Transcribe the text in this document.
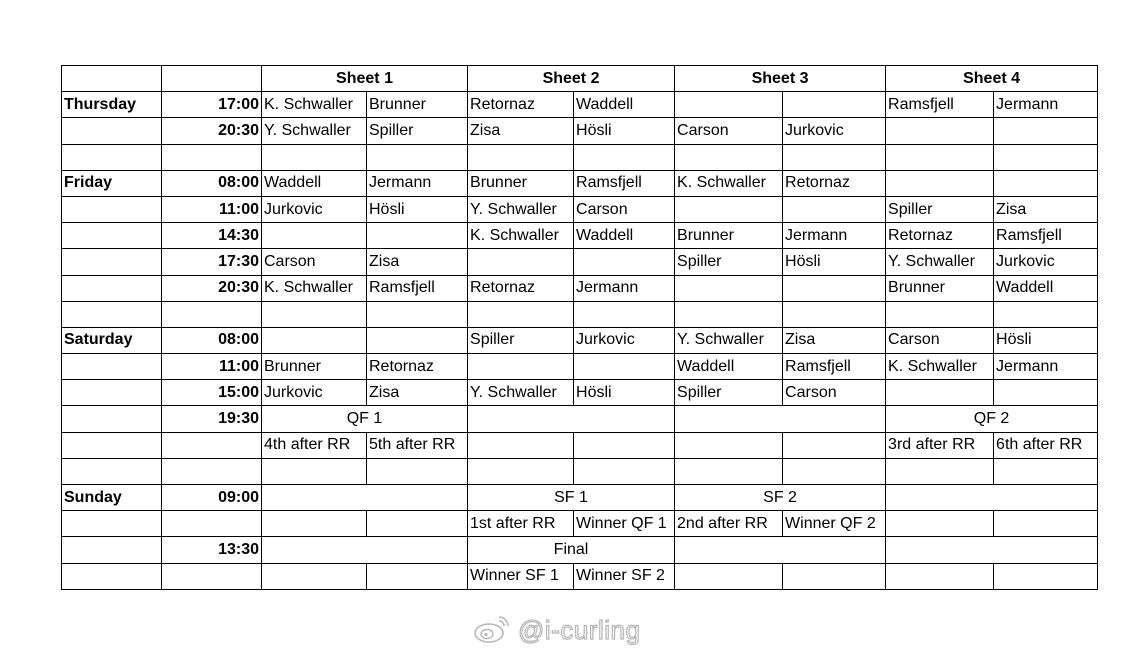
		Sheet 1		Sheet 2		Sheet 3		Sheet 4	
Thursday	17:00	K. Schwaller	Brunner	Retornaz	Waddell			Ramsfjell	Jermann
	20:30	Y. Schwaller	Spiller	Zisa	Hösli	Carson	Jurkovic		

Friday	08:00	Waddell	Jermann	Brunner	Ramsfjell	K. Schwaller	Retornaz		
	11:00	Jurkovic	Hösli	Y. Schwaller	Carson			Spiller	Zisa
	14:30			K. Schwaller	Waddell	Brunner	Jermann	Retornaz	Ramsfjell
	17:30	Carson	Zisa			Spiller	Hösli	Y. Schwaller	Jurkovic
	20:30	K. Schwaller	Ramsfjell	Retornaz	Jermann			Brunner	Waddell

Saturday	08:00			Spiller	Jurkovic	Y. Schwaller	Zisa	Carson	Hösli
	11:00	Brunner	Retornaz			Waddell	Ramsfjell	K. Schwaller	Jermann
	15:00	Jurkovic	Zisa	Y. Schwaller	Hösli	Spiller	Carson		
	19:30	QF 1						QF 2	
		4th after RR	5th after RR					3rd after RR	6th after RR

Sunday	09:00			SF 1		SF 2			
				1st after RR	Winner QF 1	2nd after RR	Winner QF 2		
	13:30			Final					
				Winner SF 1	Winner SF 2				
@i-curling
